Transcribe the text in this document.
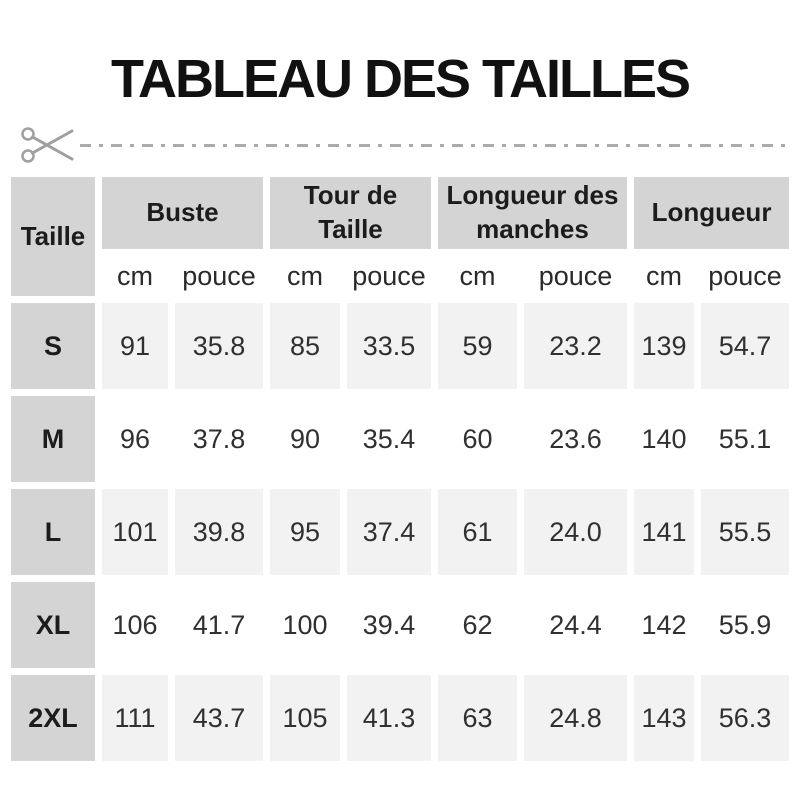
TABLEAU DES TAILLES
Taille	Buste		Tour de Taille		Longueur des manches		Longueur	
	cm	pouce	cm	pouce	cm	pouce	cm	pouce
S	91	35.8	85	33.5	59	23.2	139	54.7
M	96	37.8	90	35.4	60	23.6	140	55.1
L	101	39.8	95	37.4	61	24.0	141	55.5
XL	106	41.7	100	39.4	62	24.4	142	55.9
2XL	111	43.7	105	41.3	63	24.8	143	56.3
